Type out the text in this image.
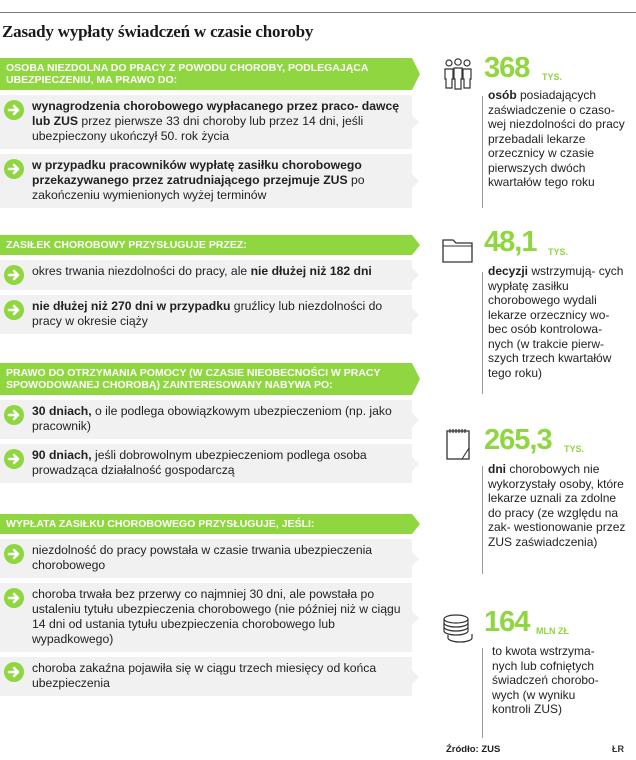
Zasady wypłaty świadczeń w czasie choroby
OSOBA NIEZDOLNA DO PRACY Z POWODU CHOROBY, PODLEGAJĄCA UBEZPIECZENIU, MA PRAWO DO:
wynagrodzenia chorobowego wypłacanego przez praco- dawcę lub ZUS przez pierwsze 33 dni choroby lub przez 14 dni, jeśli ubezpieczony ukończył 50. rok życia
w przypadku pracowników wypłatę zasiłku chorobowego przekazywanego przez zatrudniającego przejmuje ZUS po zakończeniu wymienionych wyżej terminów
ZASIŁEK CHOROBOWY PRZYSŁUGUJE PRZEZ:
okres trwania niezdolności do pracy, ale nie dłużej niż 182 dni
nie dłużej niż 270 dni w przypadku gruźlicy lub niezdolności do pracy w okresie ciąży
PRAWO DO OTRZYMANIA POMOCY (W CZASIE NIEOBECNOŚCI W PRACY SPOWODOWANEJ CHOROBĄ) ZAINTERESOWANY NABYWA PO:
30 dniach, o ile podlega obowiązkowym ubezpieczeniom (np. jako pracownik)
90 dniach, jeśli dobrowolnym ubezpieczeniom podlega osoba prowadząca działalność gospodarczą
WYPŁATA ZASIŁKU CHOROBOWEGO PRZYSŁUGUJE, JEŚLI:
niezdolność do pracy powstała w czasie trwania ubezpieczenia chorobowego
choroba trwała bez przerwy co najmniej 30 dni, ale powstała po ustaleniu tytułu ubezpieczenia chorobowego (nie później niż w ciągu 14 dni od ustania tytułu ubezpieczenia chorobowego lub wypadkowego)
choroba zakaźna pojawiła się w ciągu trzech miesięcy od końca ubezpieczenia
368 TYS.
osób posiadających zaświadczenie o czaso- wej niezdolności do pracy przebadali lekarze orzecznicy w czasie pierwszych dwóch kwartałów tego roku
48,1 TYS.
decyzji wstrzymują- cych wypłatę zasiłku chorobowego wydali lekarze orzecznicy wo- bec osób kontrolowa- nych (w trakcie pierw- szych trzech kwartałów tego roku)
265,3 TYS.
dni chorobowych nie wykorzystały osoby, które lekarze uznali za zdolne do pracy (ze względu na zak- westionowanie przez ZUS zaświadczenia)
164 MLN ZŁ
to kwota wstrzyma- nych lub cofniętych świadczeń chorobo- wych (w wyniku kontroli ZUS)
Źródło: ZUS	ŁR
